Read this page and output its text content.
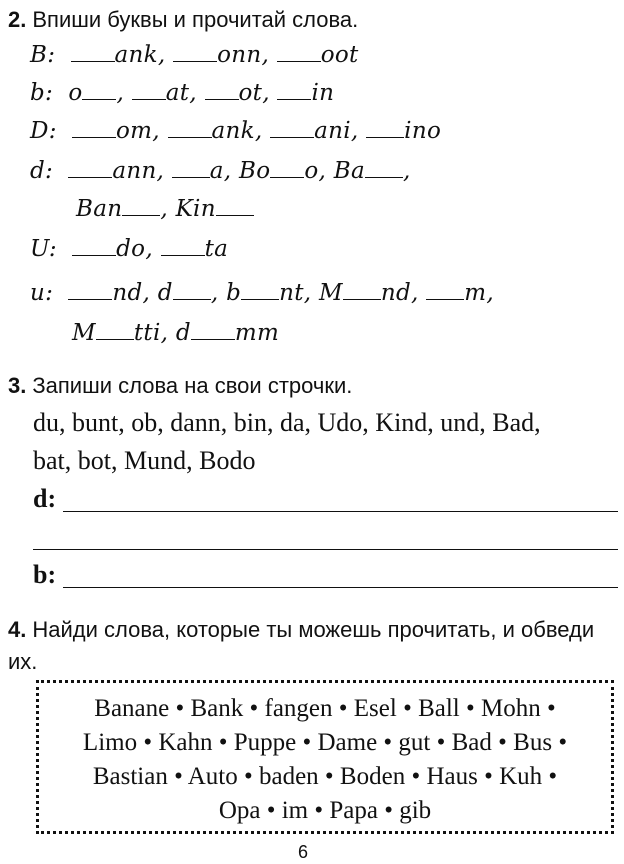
2. Впиши буквы и прочитай слова.
B:	ank, onn, oot
b: o , at, ot, in
D:	om, ank, ani, ino
d:	ann, a, Bo o, Ba ,
Ban , Kin
U:	do, ta
u:	nd, d , b nt, M nd, m,
M tti, d mm
3. Запиши слова на свои строчки.
du, bunt, ob, dann, bin, da, Udo, Kind, und, Bad,
bat, bot, Mund, Bodo
d:
b:
4. Найди слова, которые ты можешь прочитать, и обведи их.
Banane • Bank • fangen • Esel • Ball • Mohn •
Limo • Kahn • Puppe • Dame • gut • Bad • Bus •
Bastian • Auto • baden • Boden • Haus • Kuh •
Opa • im • Papa • gib
6
